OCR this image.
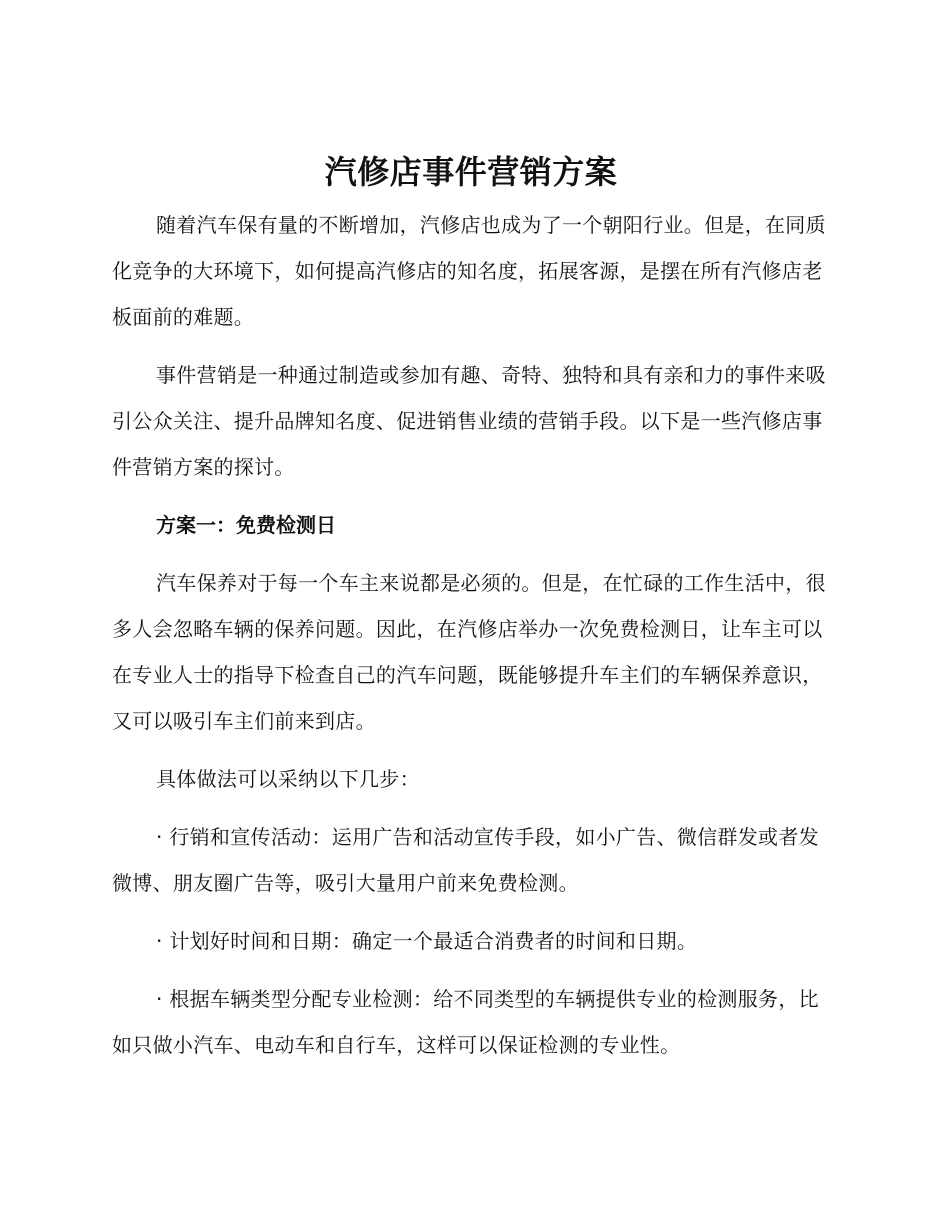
汽修店事件营销方案

随着汽车保有量的不断增加，汽修店也成为了一个朝阳行业。但是，在同质化竞争的大环境下，如何提高汽修店的知名度，拓展客源，是摆在所有汽修店老板面前的难题。

事件营销是一种通过制造或参加有趣、奇特、独特和具有亲和力的事件来吸引公众关注、提升品牌知名度、促进销售业绩的营销手段。以下是一些汽修店事件营销方案的探讨。

方案一：免费检测日

汽车保养对于每一个车主来说都是必须的。但是，在忙碌的工作生活中，很多人会忽略车辆的保养问题。因此，在汽修店举办一次免费检测日，让车主可以在专业人士的指导下检查自己的汽车问题，既能够提升车主们的车辆保养意识，又可以吸引车主们前来到店。

具体做法可以采纳以下几步：

· 行销和宣传活动：运用广告和活动宣传手段，如小广告、微信群发或者发微博、朋友圈广告等，吸引大量用户前来免费检测。

· 计划好时间和日期：确定一个最适合消费者的时间和日期。

· 根据车辆类型分配专业检测：给不同类型的车辆提供专业的检测服务，比如只做小汽车、电动车和自行车，这样可以保证检测的专业性。
